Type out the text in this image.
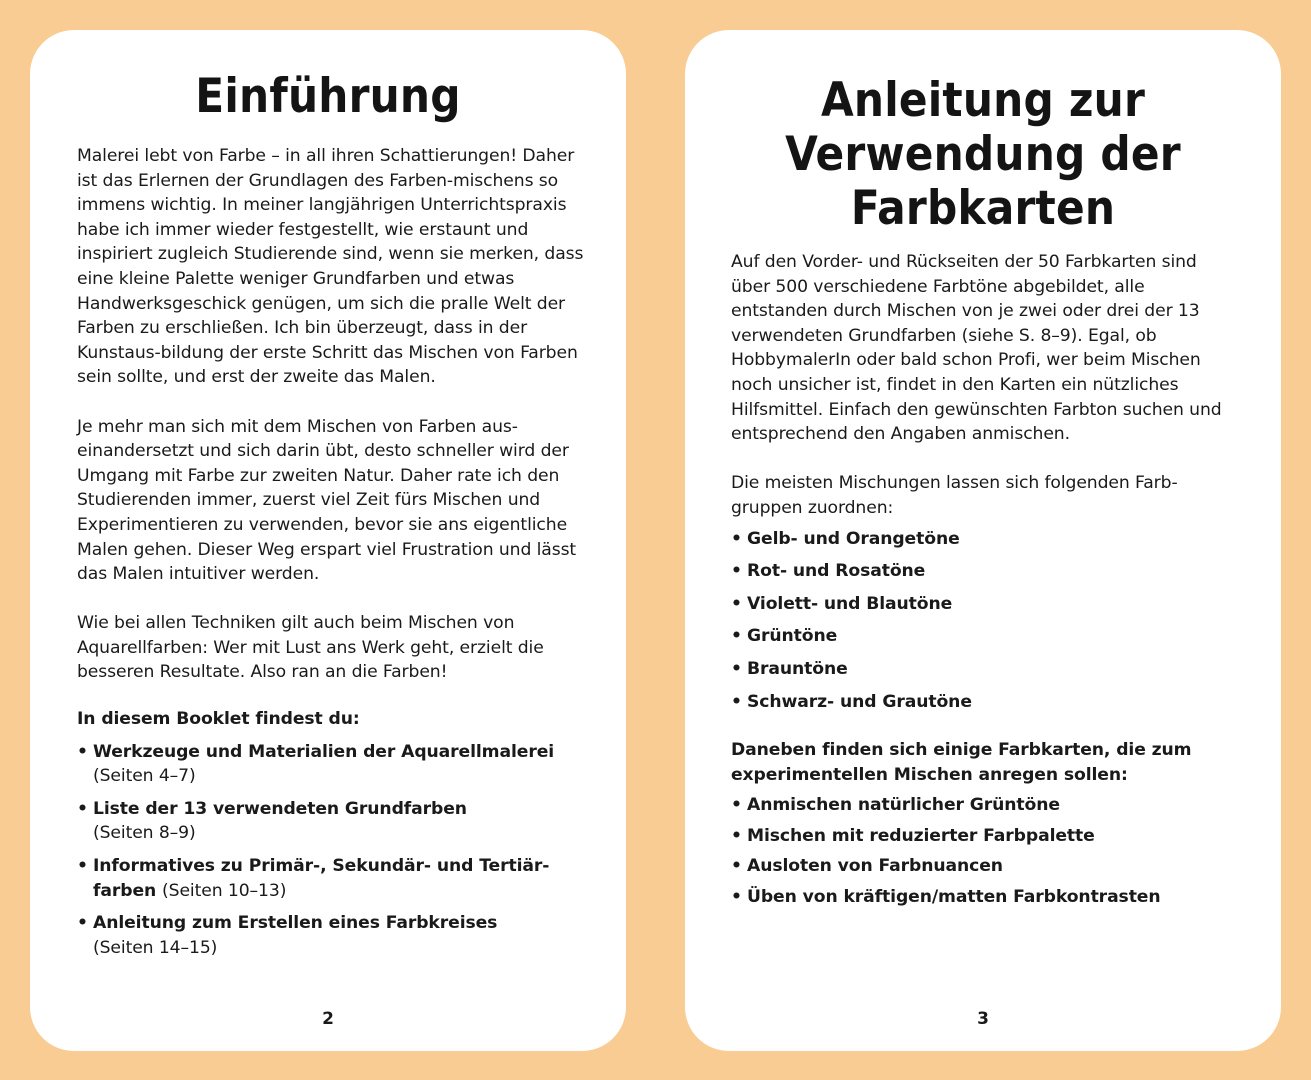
Einführung

Malerei lebt von Farbe – in all ihren Schattierungen! Daher ist das Erlernen der Grundlagen des Farben-mischens so immens wichtig. In meiner langjährigen Unterrichtspraxis habe ich immer wieder festgestellt, wie erstaunt und inspiriert zugleich Studierende sind, wenn sie merken, dass eine kleine Palette weniger Grundfarben und etwas Handwerksgeschick genügen, um sich die pralle Welt der Farben zu erschließen. Ich bin überzeugt, dass in der Kunstaus-bildung der erste Schritt das Mischen von Farben sein sollte, und erst der zweite das Malen.

Je mehr man sich mit dem Mischen von Farben aus-einandersetzt und sich darin übt, desto schneller wird der Umgang mit Farbe zur zweiten Natur. Daher rate ich den Studierenden immer, zuerst viel Zeit fürs Mischen und Experimentieren zu verwenden, bevor sie ans eigentliche Malen gehen. Dieser Weg erspart viel Frustration und lässt das Malen intuitiver werden.

Wie bei allen Techniken gilt auch beim Mischen von Aquarellfarben: Wer mit Lust ans Werk geht, erzielt die besseren Resultate. Also ran an die Farben!

In diesem Booklet findest du:

• Werkzeuge und Materialien der Aquarellmalerei
(Seiten 4–7)
• Liste der 13 verwendeten Grundfarben
(Seiten 8–9)
• Informatives zu Primär-, Sekundär- und Tertiär-farben (Seiten 10–13)
• Anleitung zum Erstellen eines Farbkreises
(Seiten 14–15)
2
Anleitung zur
Verwendung der
Farbkarten

Auf den Vorder- und Rückseiten der 50 Farbkarten sind über 500 verschiedene Farbtöne abgebildet, alle entstanden durch Mischen von je zwei oder drei der 13 verwendeten Grundfarben (siehe S. 8–9). Egal, ob HobbymalerIn oder bald schon Profi, wer beim Mischen noch unsicher ist, findet in den Karten ein nützliches Hilfsmittel. Einfach den gewünschten Farbton suchen und entsprechend den Angaben anmischen.

Die meisten Mischungen lassen sich folgenden Farb-gruppen zuordnen:

• Gelb- und Orangetöne
• Rot- und Rosatöne
• Violett- und Blautöne
• Grüntöne
• Brauntöne
• Schwarz- und Grautöne

Daneben finden sich einige Farbkarten, die zum experimentellen Mischen anregen sollen:

• Anmischen natürlicher Grüntöne
• Mischen mit reduzierter Farbpalette
• Ausloten von Farbnuancen
• Üben von kräftigen/matten Farbkontrasten
3
